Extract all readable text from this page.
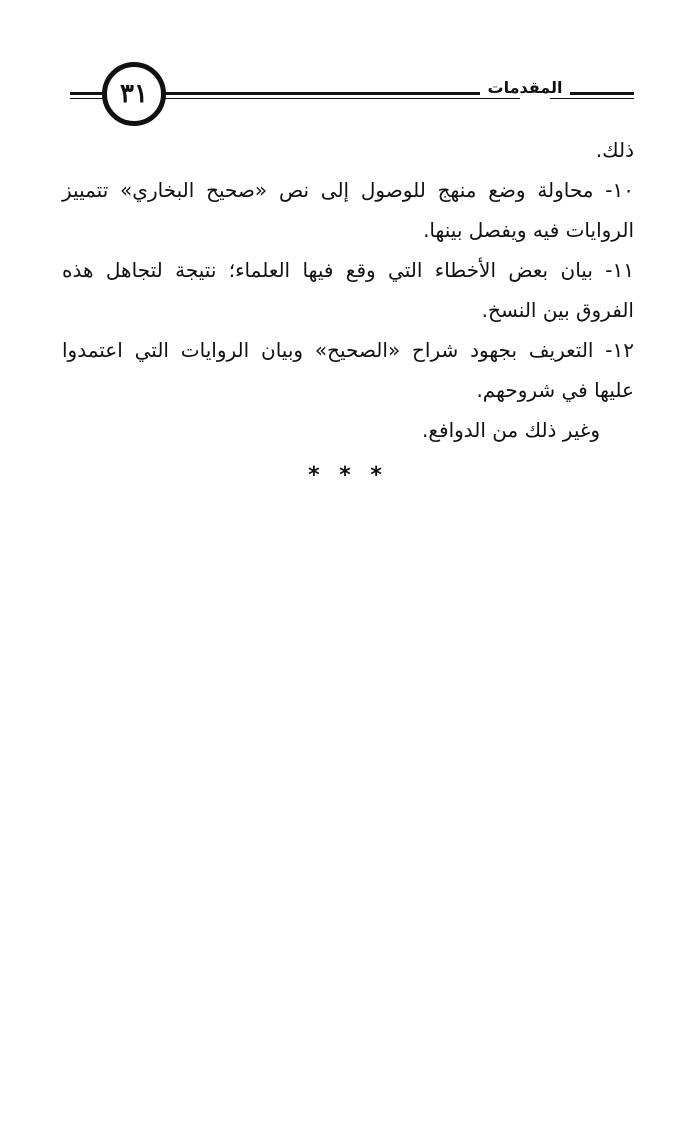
٣١	المقدمات

ذلك.

١٠- محاولة وضع منهج للوصول إلى نص «صحيح البخاري» تتمييز الروايات فيه ويفصل بينها.

١١- بيان بعض الأخطاء التي وقع فيها العلماء؛ نتيجة لتجاهل هذه الفروق بين النسخ.

١٢- التعريف بجهود شراح «الصحيح» وبيان الروايات التي اعتمدوا عليها في شروحهم.

وغير ذلك من الدوافع.

* * *
